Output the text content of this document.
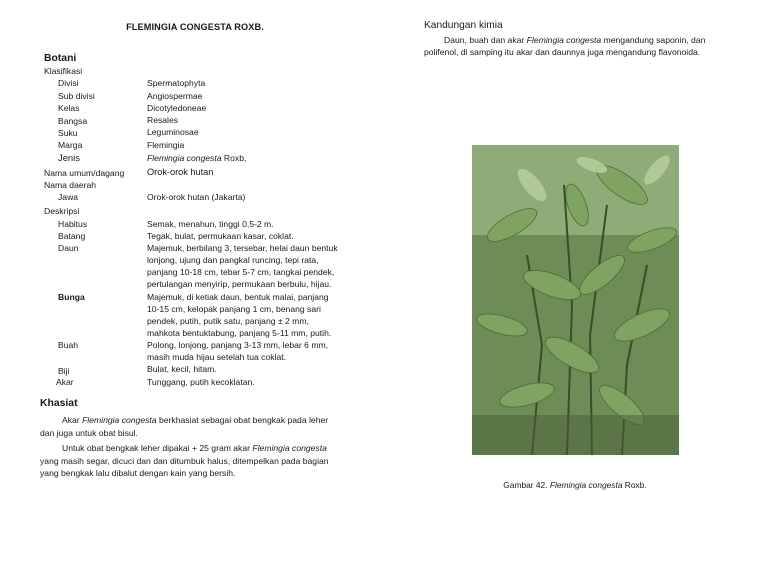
FLEMINGIA CONGESTA ROXB.
Botani
Klasifikasi
Divisi	Spermatophyta
Sub divisi	Angiospermae
Kelas	Dicotyledoneae
Bangsa	Resales
Suku	Leguminosae
Marga	Flemingia
Jenis	Flemingia congesta Roxb,
Nama umum/dagang Orok-orok hutan
Nama daerah
Jawa	Orok-orok hutan (Jakarta)
Deskripsi
Habitus	Semak, menahun, tinggi 0,5-2 m.
Batang	Tegak, bulat, permukaan kasar, coklat.
Daun	Majemuk, berbilang 3, tersebar, helai daun bentuk
lonjong, ujung dan pangkal runcing, tepi rata,
panjang 10-18 cm, tebar 5-7 cm, tangkai pendek,
pertulangan menyirip, permukaan berbulu, hijau.
Bunga	Majemuk, di ketiak daun, bentuk malai, panjang
10-15 cm, kelopak panjang 1 cm, benang sari
pendek, putih, putik satu, panjang ± 2 mm,
mahkota bentuktabung, panjang 5-11 mm, putih.
Buah	Polong, lonjong, panjang 3-13 mm, lebar 6 mm,
masih muda hijau setelah tua coklat.
Biji	Bulat, kecil, hitam.
Akar	Tunggang, putih kecoklatan.
Khasiat
Akar Flemingia congesta berkhasiat sebagai obat bengkak pada leher
dan juga untuk obat bisul.
Untuk obat bengkak leher dipakai + 25 gram akar Flemingia congesta
yang masih segar, dicuci dan dan ditumbuk halus, ditempelkan pada bagian
yang bengkak lalu dibalut dengan kain yang bersih.
Kandungan kimia
Daun, buah dan akar Flemingia congesta mengandung saponin, dan
polifenol, di samping itu akar dan daunnya juga mengandung flavonoida.
Gambar 42. Flemingia congesta Roxb.
